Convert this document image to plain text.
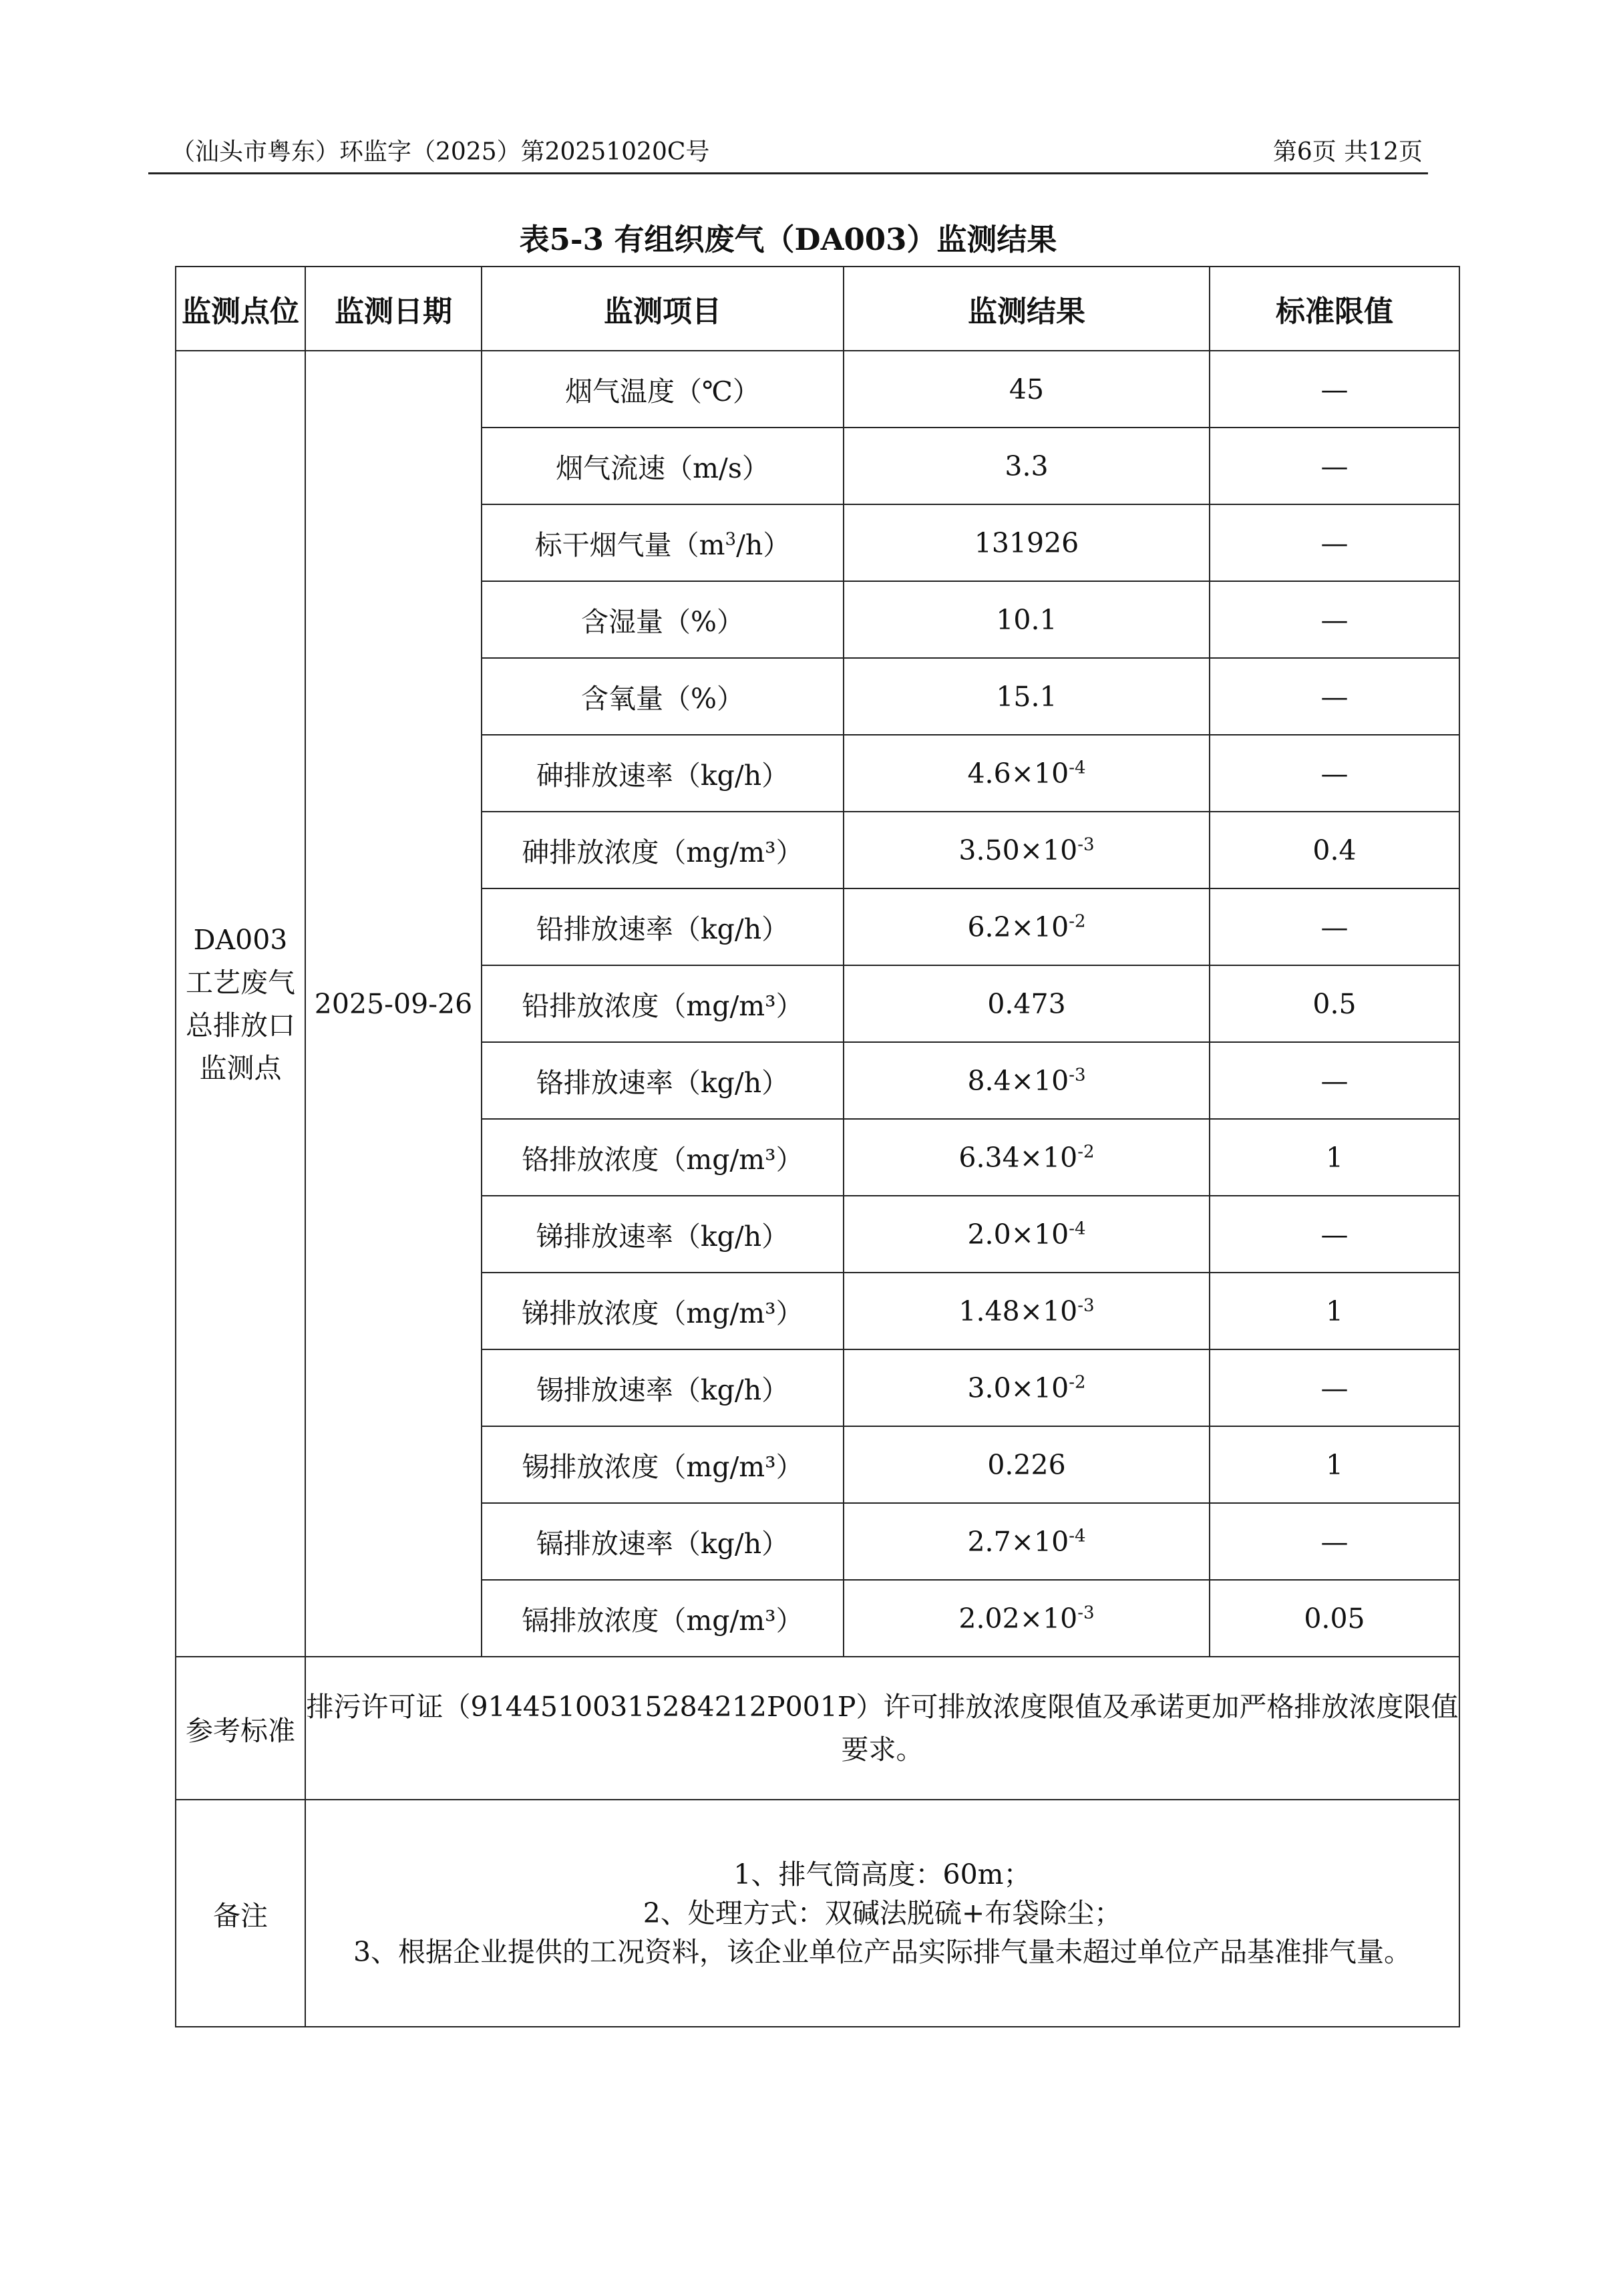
（汕头市粤东）环监字（2025）第20251020C号	第6页 共12页
表5-3 有组织废气（DA003）监测结果
监测点位	监测日期	监测项目	监测结果	标准限值

DA003
工艺废气
总排放口
监测点	2025-09-26	烟气温度（℃）	45	—
		烟气流速（m/s）	3.3	—
		标干烟气量$(m^3/h)$	131926	—
		含湿量（%）	10.1	—
		含氧量（%）	15.1	—
		砷排放速率（kg/h）	$4.6\times 10^{-4}$	—
		砷排放浓度（mg/m³）	$3.50\times 10^{-3}$	0.4
		铅排放速率（kg/h）	$6.2\times 10^{-2}$	—
		铅排放浓度（mg/m³）	0.473	0.5
		铬排放速率（kg/h）	$8.4\times 10^{-3}$	—
		铬排放浓度（mg/m³）	$6.34\times 10^{-2}$	1
		锑排放速率（kg/h）	$2.0\times 10^{-4}$	—
		锑排放浓度（mg/m³）	$1.48\times 10^{-3}$	1
		锡排放速率（kg/h）	$3.0\times 10^{-2}$	—
		锡排放浓度（mg/m³）	0.226	1
		镉排放速率（kg/h）	$2.7\times 10^{-4}$	—
		镉排放浓度（mg/m³）	$2.02\times 10^{-3}$	0.05
参考标准	排污许可证（91445100315284212P001P）许可排放浓度限值及承诺更加严格排放浓度限值要求。			
备注	1、排气筒高度：60m；
2、处理方式：双碱法脱硫+布袋除尘；
3、根据企业提供的工况资料，该企业单位产品实际排气量未超过单位产品基准排气量。			
